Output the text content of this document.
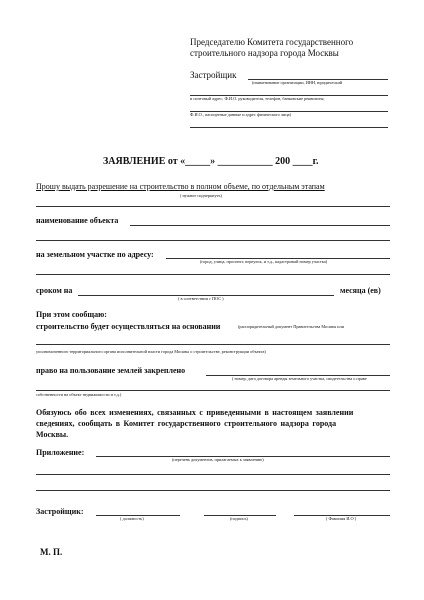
Председателю Комитета государственного
строительного надзора города Москвы
Застройщик
(наименование организации, ИНН, юридический
и почтовый адрес, Ф.И.О. руководителя, телефон, банковские реквизиты;
Ф.И.О., паспортные данные и адрес физического лица)
ЗАЯВЛЕНИЕ от «_____» ___________ 200 ____г.
Прошу выдать разрешение на строительство в полном объеме, по отдельным этапам
( нужное подчеркнуть)
наименование объекта
на земельном участке по адресу:
(город, улица, проспект, переулок, и т.д., кадастровый номер участка)
сроком на
( в соответствии с ПОС )
месяца (ев)
При этом сообщаю:
строительство будет осуществляться на основании	(распорядительный документ Правительства Москвы или
уполномоченного территориального органа исполнительной власти города Москвы о строительстве, реконструкции объекта)
право на пользование землей закреплено
( номер, дата договора аренды земельного участка, свидетельства о праве
собственности на объект недвижимости и т.д.)
Обязуюсь обо всех изменениях, связанных с приведенными в настоящем заявлении
сведениях, сообщать в Комитет государственного строительного надзора города
Москвы.
Приложение:
(перечень документов, прилагаемых к заявлению)
Застройщик:
( должность)	(подпись)	( Фамилия И.О )
М. П.
